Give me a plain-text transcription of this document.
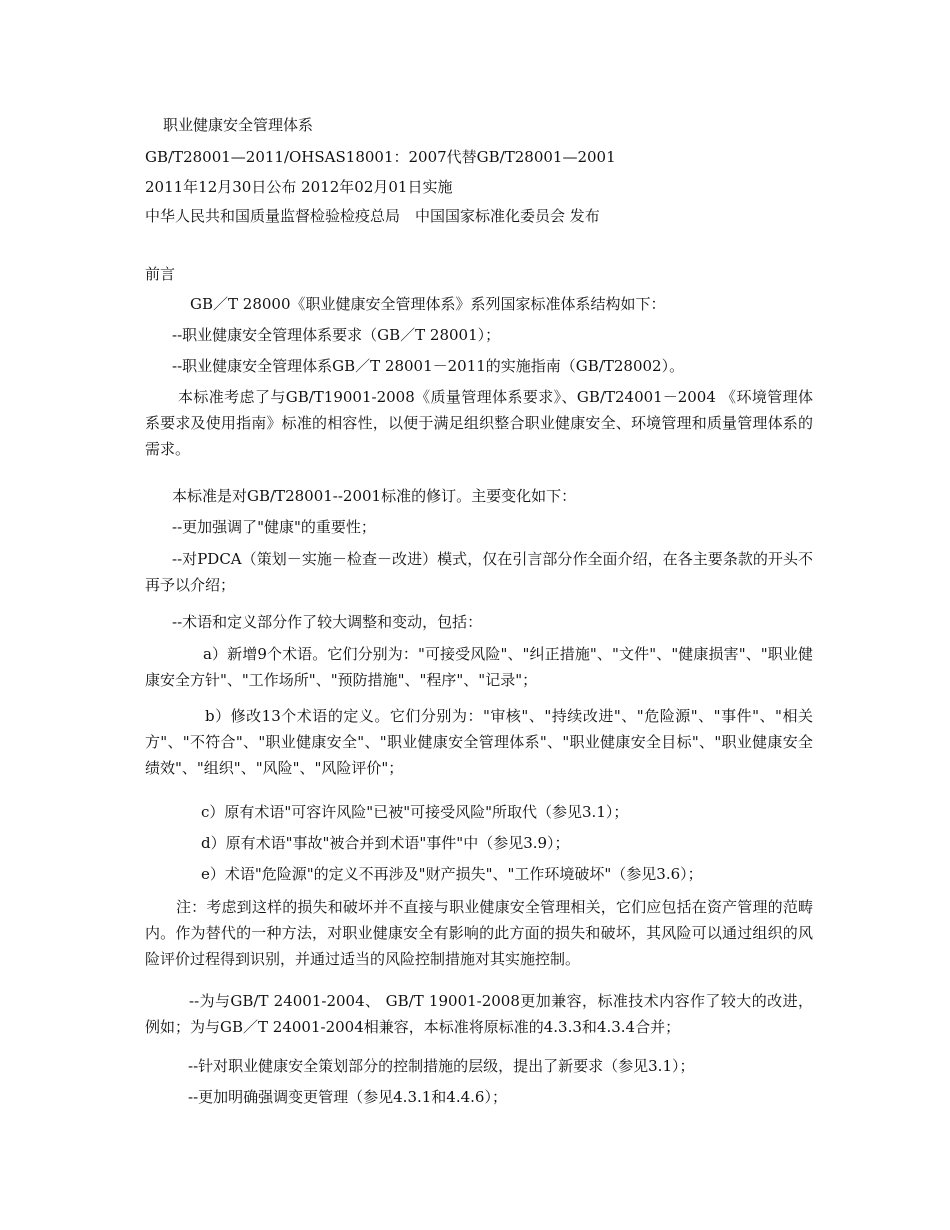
职业健康安全管理体系
GB/T28001—2011/OHSAS18001：2007代替GB/T28001—2001
2011年12月30日公布 2012年02月01日实施
中华人民共和国质量监督检验检疫总局　中国国家标准化委员会 发布
前言
GB／T 28000《职业健康安全管理体系》系列国家标准体系结构如下：
--职业健康安全管理体系要求（GB／T 28001）；
--职业健康安全管理体系GB／T 28001－2011的实施指南（GB/T28002）。

本标准考虑了与GB/T19001-2008《质量管理体系要求》、GB/T24001－2004 《环境管理体系要求及使用指南》标准的相容性，以便于满足组织整合职业健康安全、环境管理和质量管理体系的需求。

本标准是对GB/T28001--2001标准的修订。主要变化如下：
--更加强调了"健康"的重要性；

--对PDCA（策划－实施－检查－改进）模式，仅在引言部分作全面介绍，在各主要条款的开头不再予以介绍；

--术语和定义部分作了较大调整和变动，包括：

a）新增9个术语。它们分别为："可接受风险"、"纠正措施"、"文件"、"健康损害"、"职业健康安全方针"、"工作场所"、"预防措施"、"程序"、"记录"；

b）修改13个术语的定义。它们分别为："审核"、"持续改进"、"危险源"、"事件"、"相关方"、"不符合"、"职业健康安全"、"职业健康安全管理体系"、"职业健康安全目标"、"职业健康安全绩效"、"组织"、"风险"、"风险评价"；

c）原有术语"可容许风险"已被"可接受风险"所取代（参见3.1）；
d）原有术语"事故"被合并到术语"事件"中（参见3.9）；
e）术语"危险源"的定义不再涉及"财产损失"、"工作环境破坏"（参见3.6）；

注：考虑到这样的损失和破坏并不直接与职业健康安全管理相关，它们应包括在资产管理的范畴内。作为替代的一种方法，对职业健康安全有影响的此方面的损失和破坏，其风险可以通过组织的风险评价过程得到识别，并通过适当的风险控制措施对其实施控制。

--为与GB/T 24001-2004、 GB/T 19001-2008更加兼容，标准技术内容作了较大的改进，例如；为与GB／T 24001-2004相兼容，本标准将原标准的4.3.3和4.3.4合并；

--针对职业健康安全策划部分的控制措施的层级，提出了新要求（参见3.1）；
--更加明确强调变更管理（参见4.3.1和4.4.6）；
